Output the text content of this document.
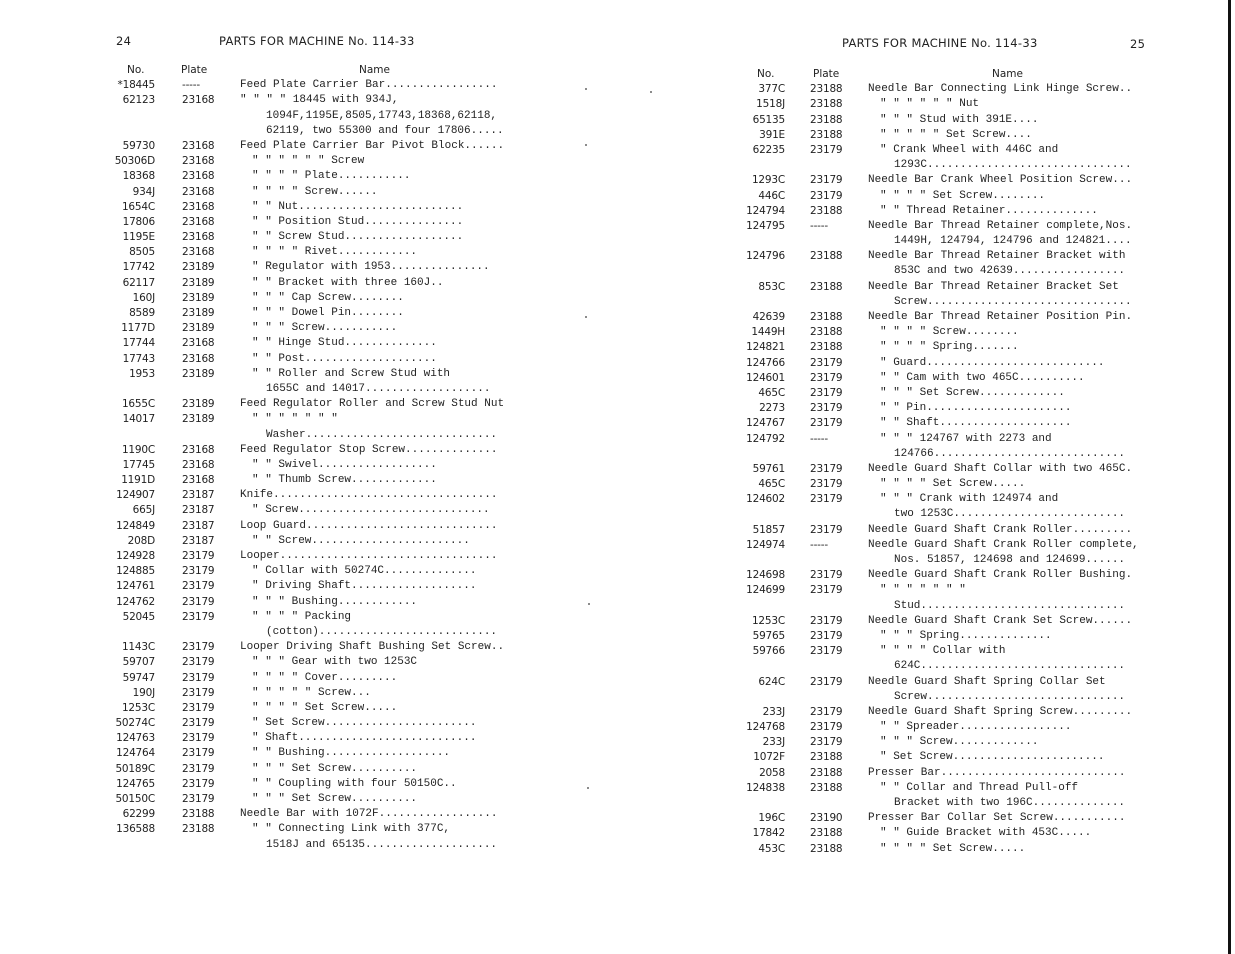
24	PARTS FOR MACHINE No. 114-33
No.	Plate	Name
*18445	-----	Feed Plate Carrier Bar.................
62123	23168 " " " " 18445 with 934J,
1094F,1195E,8505,17743,18368,62118,
62119, two 55300 and four 17806.....
59730	23168 Feed Plate Carrier Bar Pivot Block......
50306D	23168	" " " " " " Screw
18368	23168	" " " " Plate...........
934J	23168	" " " " Screw......
1654C	23168	" " Nut.........................
17806	23168	" " Position Stud...............
1195E	23168	" " Screw Stud..................
8505	23168	" " " " Rivet............
17742	23189	" Regulator with 1953...............
62117	23189	" " Bracket with three 160J..
160J	23189	" " " Cap Screw........
8589	23189	" " " Dowel Pin........
1177D	23189	" " " Screw...........
17744	23168	" " Hinge Stud..............
17743	23168	" " Post....................
1953	23189	" " Roller and Screw Stud with
1655C and 14017...................
1655C	23189 Feed Regulator Roller and Screw Stud Nut
14017	23189	" " " " " " "
Washer.............................
1190C	23168 Feed Regulator Stop Screw..............
17745	23168	" " Swivel..................
1191D	23168	" " Thumb Screw.............
124907	23187 Knife..................................
665J	23187	" Screw.............................
124849	23187 Loop Guard.............................
208D	23187	" " Screw........................
124928	23179 Looper.................................
124885	23179	" Collar with 50274C..............
124761	23179	" Driving Shaft...................
124762	23179	" " " Bushing............
52045	23179	" " " " Packing
(cotton)...........................
1143C	23179 Looper Driving Shaft Bushing Set Screw..
59707	23179	" " " Gear with two 1253C
59747	23179	" " " " Cover.........
190J	23179	" " " " " Screw...
1253C	23179	" " " " Set Screw.....
50274C	23179	" Set Screw.......................
124763	23179	" Shaft...........................
124764	23179	" " Bushing...................
50189C	23179	" " " Set Screw..........
124765	23179	" " Coupling with four 50150C..
50150C	23179	" " " Set Screw..........
62299	23188 Needle Bar with 1072F..................
136588	23188	" " Connecting Link with 377C,
1518J and 65135....................
PARTS FOR MACHINE No. 114-33	25
No.	Plate	Name
377C 23188 Needle Bar Connecting Link Hinge Screw..
1518J 23188	" " " " " " Nut
65135 23188	" " " Stud with 391E....
391E 23188	" " " " " Set Screw....
62235 23179	" Crank Wheel with 446C and
1293C...............................
1293C 23179 Needle Bar Crank Wheel Position Screw...
446C 23179	" " " " Set Screw........
124794 23188	" " Thread Retainer..............
124795 -----	Needle Bar Thread Retainer complete,Nos.
1449H, 124794, 124796 and 124821....
124796 23188 Needle Bar Thread Retainer Bracket with
853C and two 42639.................
853C 23188 Needle Bar Thread Retainer Bracket Set
Screw...............................
42639 23188 Needle Bar Thread Retainer Position Pin.
1449H 23188	" " " " Screw........
124821 23188	" " " " Spring.......
124766 23179	" Guard...........................
124601 23179	" " Cam with two 465C..........
465C 23179	" " " Set Screw.............
2273 23179	" " Pin......................
124767 23179	" " Shaft....................
124792 -----	" " " 124767 with 2273 and
124766.............................
59761 23179 Needle Guard Shaft Collar with two 465C.
465C 23179	" " " " Set Screw.....
124602 23179	" " " Crank with 124974 and
two 1253C..........................
51857 23179 Needle Guard Shaft Crank Roller.........
124974 -----	Needle Guard Shaft Crank Roller complete,
Nos. 51857, 124698 and 124699......
124698 23179 Needle Guard Shaft Crank Roller Bushing.
124699 23179	" " " " " " "
Stud...............................
1253C 23179 Needle Guard Shaft Crank Set Screw......
59765 23179	" " " Spring..............
59766 23179	" " " " Collar with
624C...............................
624C 23179 Needle Guard Shaft Spring Collar Set
Screw..............................
233J 23179 Needle Guard Shaft Spring Screw.........
124768 23179	" " Spreader.................
233J 23179	" " " Screw.............
1072F 23188	" Set Screw.......................
2058 23188 Presser Bar............................
124838 23188	" " Collar and Thread Pull-off
Bracket with two 196C..............
196C 23190 Presser Bar Collar Set Screw...........
17842 23188	" " Guide Bracket with 453C.....
453C 23188	" " " " Set Screw.....
